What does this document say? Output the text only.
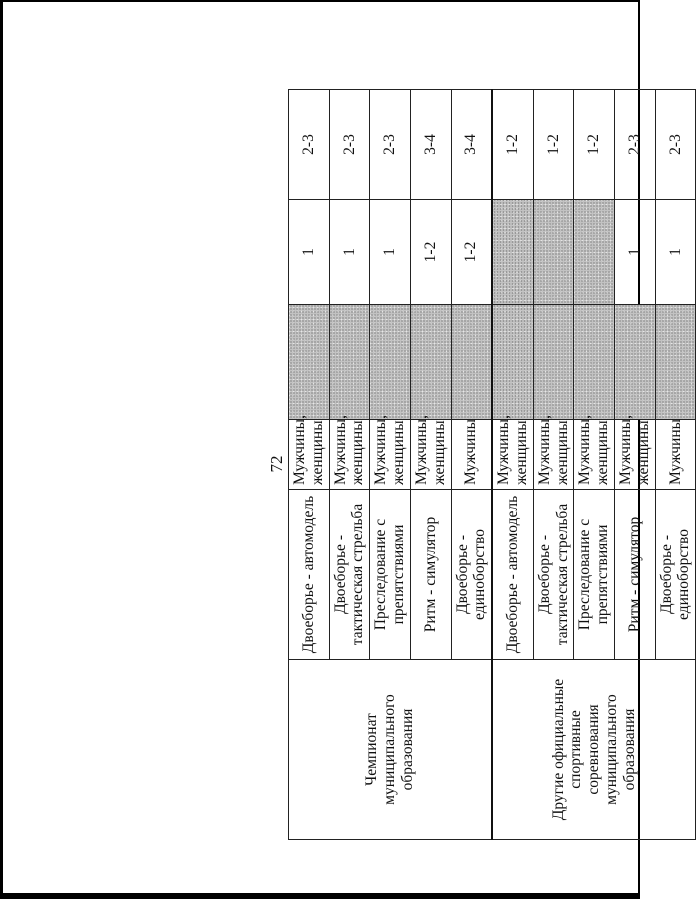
72
Чемпионат муниципального образования	Двоеборье - автомодель	Мужчины, женщины		1	2-3
	Двоеборье - тактическая стрельба	Мужчины, женщины		1	2-3
	Преследование с препятствиями	Мужчины, женщины		1	2-3
	Ритм - симулятор	Мужчины, женщины		1-2	3-4
	Двоеборье - единоборство	Мужчины		1-2	3-4
Другие официальные спортивные соревнования муниципального образования	Двоеборье - автомодель	Мужчины, женщины			1-2
	Двоеборье - тактическая стрельба	Мужчины, женщины			1-2
	Преследование с препятствиями	Мужчины, женщины			1-2
	Ритм - симулятор	Мужчины, женщины		1	2-3
	Двоеборье - единоборство	Мужчины		1	2-3
